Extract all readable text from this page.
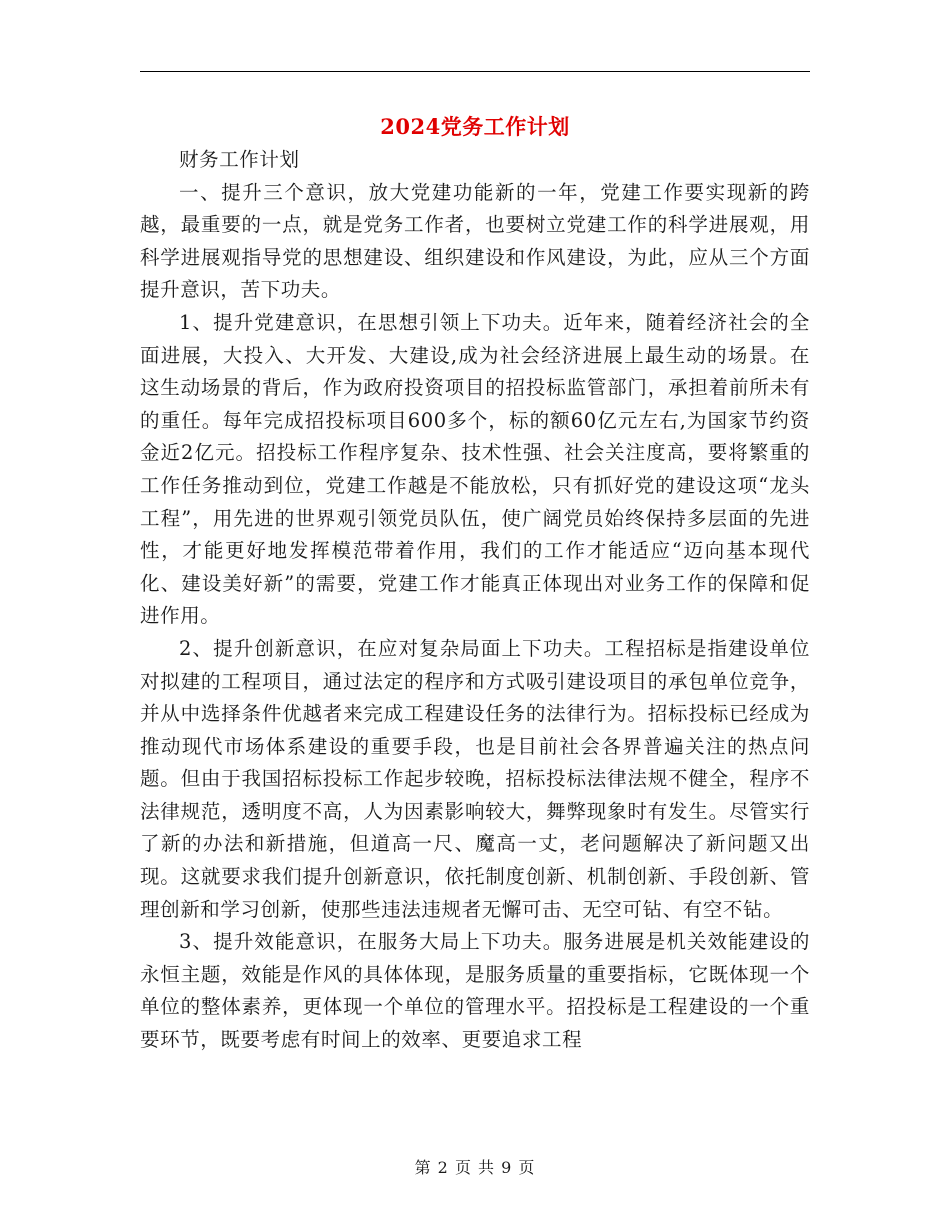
2024党务工作计划

财务工作计划

一、提升三个意识，放大党建功能新的一年，党建工作要实现新的跨越，最重要的一点，就是党务工作者，也要树立党建工作的科学进展观，用科学进展观指导党的思想建设、组织建设和作风建设，为此，应从三个方面提升意识，苦下功夫。

1、提升党建意识，在思想引领上下功夫。近年来，随着经济社会的全面进展，大投入、大开发、大建设,成为社会经济进展上最生动的场景。在这生动场景的背后，作为政府投资项目的招投标监管部门，承担着前所未有的重任。每年完成招投标项目600多个，标的额60亿元左右,为国家节约资金近2亿元。招投标工作程序复杂、技术性强、社会关注度高，要将繁重的工作任务推动到位，党建工作越是不能放松，只有抓好党的建设这项“龙头工程”，用先进的世界观引领党员队伍，使广阔党员始终保持多层面的先进性，才能更好地发挥模范带着作用，我们的工作才能适应“迈向基本现代化、建设美好新”的需要，党建工作才能真正体现出对业务工作的保障和促进作用。

2、提升创新意识，在应对复杂局面上下功夫。工程招标是指建设单位对拟建的工程项目，通过法定的程序和方式吸引建设项目的承包单位竞争，并从中选择条件优越者来完成工程建设任务的法律行为。招标投标已经成为推动现代市场体系建设的重要手段，也是目前社会各界普遍关注的热点问题。但由于我国招标投标工作起步较晚，招标投标法律法规不健全，程序不法律规范，透明度不高，人为因素影响较大，舞弊现象时有发生。尽管实行了新的办法和新措施，但道高一尺、魔高一丈，老问题解决了新问题又出现。这就要求我们提升创新意识，依托制度创新、机制创新、手段创新、管理创新和学习创新，使那些违法违规者无懈可击、无空可钻、有空不钻。

3、提升效能意识，在服务大局上下功夫。服务进展是机关效能建设的永恒主题，效能是作风的具体体现，是服务质量的重要指标，它既体现一个单位的整体素养，更体现一个单位的管理水平。招投标是工程建设的一个重要环节，既要考虑有时间上的效率、更要追求工程

第 2 页 共 9 页
